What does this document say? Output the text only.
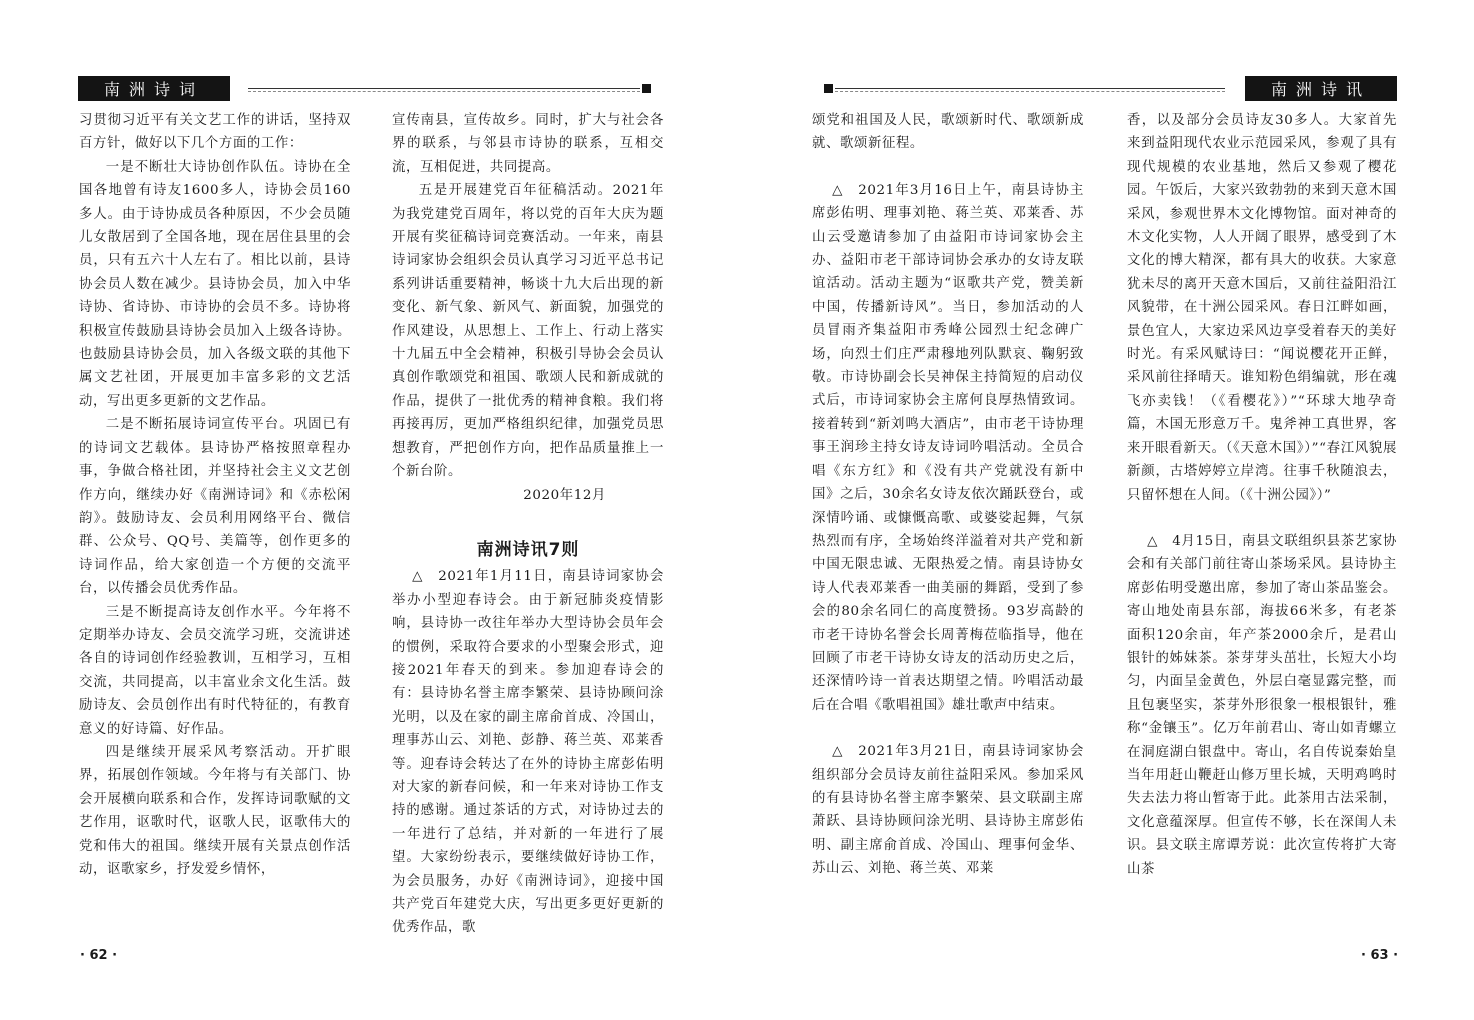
南洲诗词

习贯彻习近平有关文艺工作的讲话，坚持双百方针，做好以下几个方面的工作：

一是不断壮大诗协创作队伍。诗协在全国各地曾有诗友1600多人，诗协会员160多人。由于诗协成员各种原因，不少会员随儿女散居到了全国各地，现在居住县里的会员，只有五六十人左右了。相比以前，县诗协会员人数在减少。县诗协会员，加入中华诗协、省诗协、市诗协的会员不多。诗协将积极宣传鼓励县诗协会员加入上级各诗协。也鼓励县诗协会员，加入各级文联的其他下属文艺社团，开展更加丰富多彩的文艺活动，写出更多更新的文艺作品。

二是不断拓展诗词宣传平台。巩固已有的诗词文艺载体。县诗协严格按照章程办事，争做合格社团，并坚持社会主义文艺创作方向，继续办好《南洲诗词》和《赤松闲韵》。鼓励诗友、会员利用网络平台、微信群、公众号、QQ号、美篇等，创作更多的诗词作品，给大家创造一个方便的交流平台，以传播会员优秀作品。

三是不断提高诗友创作水平。今年将不定期举办诗友、会员交流学习班，交流讲述各自的诗词创作经验教训，互相学习，互相交流，共同提高，以丰富业余文化生活。鼓励诗友、会员创作出有时代特征的，有教育意义的好诗篇、好作品。

四是继续开展采风考察活动。开扩眼界，拓展创作领域。今年将与有关部门、协会开展横向联系和合作，发挥诗词歌赋的文艺作用，讴歌时代，讴歌人民，讴歌伟大的党和伟大的祖国。继续开展有关景点创作活动，讴歌家乡，抒发爱乡情怀，

宣传南县，宣传故乡。同时，扩大与社会各界的联系，与邻县市诗协的联系，互相交流，互相促进，共同提高。

五是开展建党百年征稿活动。2021年为我党建党百周年，将以党的百年大庆为题开展有奖征稿诗词竞赛活动。一年来，南县诗词家协会组织会员认真学习习近平总书记系列讲话重要精神，畅谈十九大后出现的新变化、新气象、新风气、新面貌，加强党的作风建设，从思想上、工作上、行动上落实十九届五中全会精神，积极引导协会会员认真创作歌颂党和祖国、歌颂人民和新成就的作品，提供了一批优秀的精神食粮。我们将再接再厉，更加严格组织纪律，加强党员思想教育，严把创作方向，把作品质量推上一个新台阶。

2020年12月

南洲诗讯7则

△　2021年1月11日，南县诗词家协会举办小型迎春诗会。由于新冠肺炎疫情影响，县诗协一改往年举办大型诗协会员年会的惯例，采取符合要求的小型聚会形式，迎接2021年春天的到来。参加迎春诗会的有：县诗协名誉主席李繁荣、县诗协顾问涂光明，以及在家的副主席俞首成、冷国山，理事苏山云、刘艳、彭静、蒋兰英、邓莱香等。迎春诗会转达了在外的诗协主席彭佑明对大家的新春问候，和一年来对诗协工作支持的感谢。通过茶话的方式，对诗协过去的一年进行了总结，并对新的一年进行了展望。大家纷纷表示，要继续做好诗协工作，为会员服务，办好《南洲诗词》，迎接中国共产党百年建党大庆，写出更多更好更新的优秀作品，歌

· 62 ·
南洲诗讯

颂党和祖国及人民，歌颂新时代、歌颂新成就、歌颂新征程。

△　2021年3月16日上午，南县诗协主席彭佑明、理事刘艳、蒋兰英、邓莱香、苏山云受邀请参加了由益阳市诗词家协会主办、益阳市老干部诗词协会承办的女诗友联谊活动。活动主题为“讴歌共产党，赞美新中国，传播新诗风”。当日，参加活动的人员冒雨齐集益阳市秀峰公园烈士纪念碑广场，向烈士们庄严肃穆地列队默哀、鞠躬致敬。市诗协副会长吴神保主持简短的启动仪式后，市诗词家协会主席何良厚热情致词。接着转到“新刘鸣大酒店”，由市老干诗协理事王润珍主持女诗友诗词吟唱活动。全员合唱《东方红》和《没有共产党就没有新中国》之后，30余名女诗友依次踊跃登台，或深情吟诵、或慷慨高歌、或婆娑起舞，气氛热烈而有序，全场始终洋溢着对共产党和新中国无限忠诚、无限热爱之情。南县诗协女诗人代表邓莱香一曲美丽的舞蹈，受到了参会的80余名同仁的高度赞扬。93岁高龄的市老干诗协名誉会长周菁梅莅临指导，他在回顾了市老干诗协女诗友的活动历史之后，还深情吟诗一首表达期望之情。吟唱活动最后在合唱《歌唱祖国》雄壮歌声中结束。

△　2021年3月21日，南县诗词家协会组织部分会员诗友前往益阳采风。参加采风的有县诗协名誉主席李繁荣、县文联副主席萧跃、县诗协顾问涂光明、县诗协主席彭佑明、副主席俞首成、冷国山、理事何金华、苏山云、刘艳、蒋兰英、邓莱

香，以及部分会员诗友30多人。大家首先来到益阳现代农业示范园采风，参观了具有现代规模的农业基地，然后又参观了樱花园。午饭后，大家兴致勃勃的来到天意木国采风，参观世界木文化博物馆。面对神奇的木文化实物，人人开阔了眼界，感受到了木文化的博大精深，都有具大的收获。大家意犹未尽的离开天意木国后，又前往益阳沿江风貌带，在十洲公园采风。春日江畔如画，景色宜人，大家边采风边享受着春天的美好时光。有采风赋诗曰：“闻说樱花开正鲜，采风前往择晴天。谁知粉色绢编就，形在魂飞亦卖钱！（《看樱花》）”“环球大地孕奇篇，木国无形意万千。鬼斧神工真世界，客来开眼看新天。（《天意木国》）”“春江风貌展新颜，古塔婷婷立岸湾。往事千秋随浪去，只留怀想在人间。（《十洲公园》）”

△　4月15日，南县文联组织县茶艺家协会和有关部门前往寄山茶场采风。县诗协主席彭佑明受邀出席，参加了寄山茶品鉴会。寄山地处南县东部，海拔66米多，有老茶面积120余亩，年产茶2000余斤，是君山银针的姊妹茶。茶芽芽头茁壮，长短大小均匀，内面呈金黄色，外层白毫显露完整，而且包裹坚实，茶芽外形很象一根根银针，雅称“金镶玉”。亿万年前君山、寄山如青螺立在洞庭湖白银盘中。寄山，名自传说秦始皇当年用赶山鞭赶山修万里长城，天明鸡鸣时失去法力将山暂寄于此。此茶用古法采制，文化意蕴深厚。但宣传不够，长在深闺人未识。县文联主席谭芳说：此次宣传将扩大寄山茶

· 63 ·
